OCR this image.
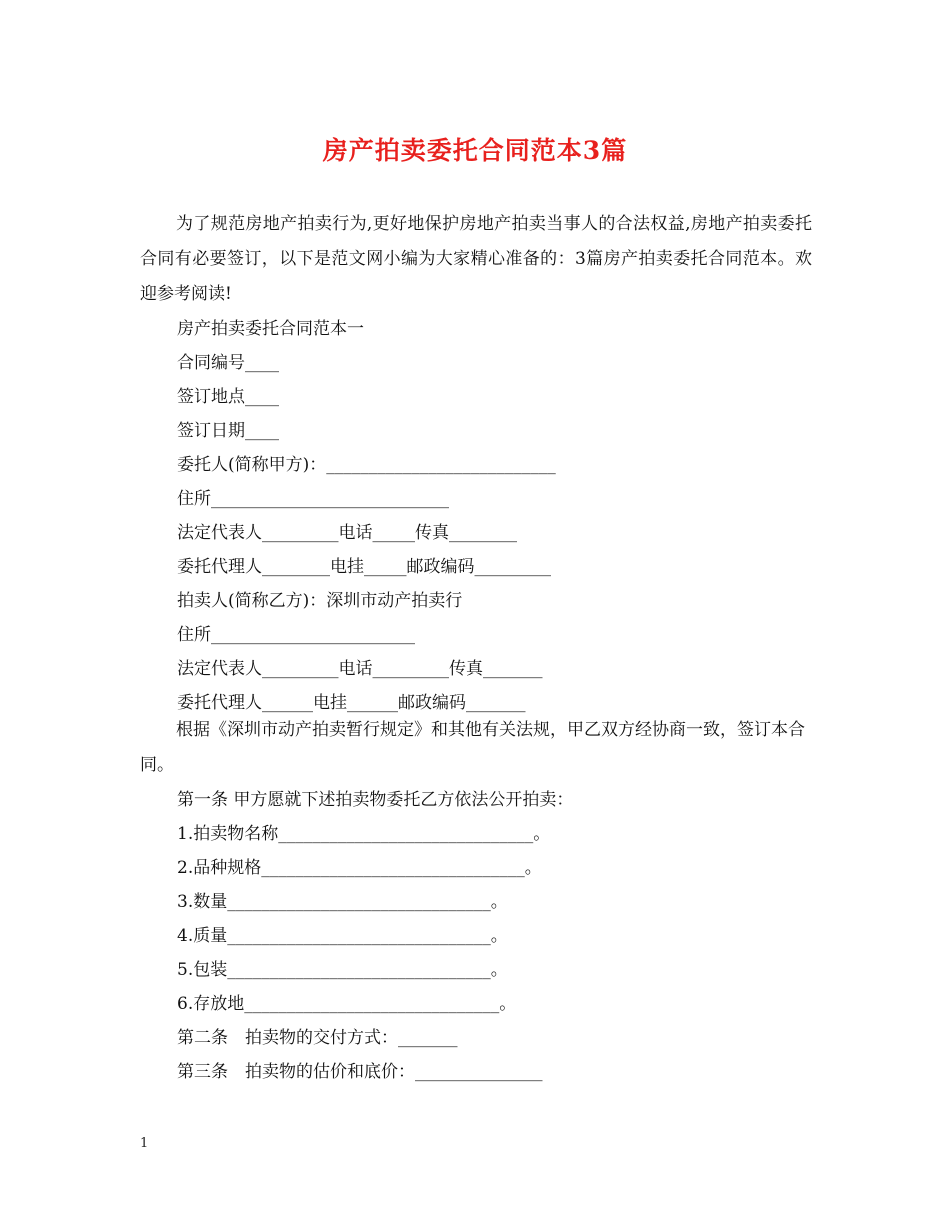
房产拍卖委托合同范本3篇
为了规范房地产拍卖行为,更好地保护房地产拍卖当事人的合法权益,房地产拍卖委托合同有必要签订，以下是范文网小编为大家精心准备的：3篇房产拍卖委托合同范本。欢迎参考阅读!
房产拍卖委托合同范本一
合同编号____
签订地点____
签订日期____
委托人(简称甲方)：___________________________
住所____________________________
法定代表人_________电话_____传真________
委托代理人________电挂_____邮政编码_________
拍卖人(简称乙方)：深圳市动产拍卖行
住所________________________
法定代表人_________电话_________传真_______
委托代理人______电挂______邮政编码_______
根据《深圳市动产拍卖暂行规定》和其他有关法规，甲乙双方经协商一致，签订本合同。
第一条 甲方愿就下述拍卖物委托乙方依法公开拍卖：
1.拍卖物名称______________________________。
2.品种规格_______________________________。
3.数量_______________________________。
4.质量_______________________________。
5.包装_______________________________。
6.存放地______________________________。
第二条　拍卖物的交付方式：_______
第三条　拍卖物的估价和底价：_______________
1
